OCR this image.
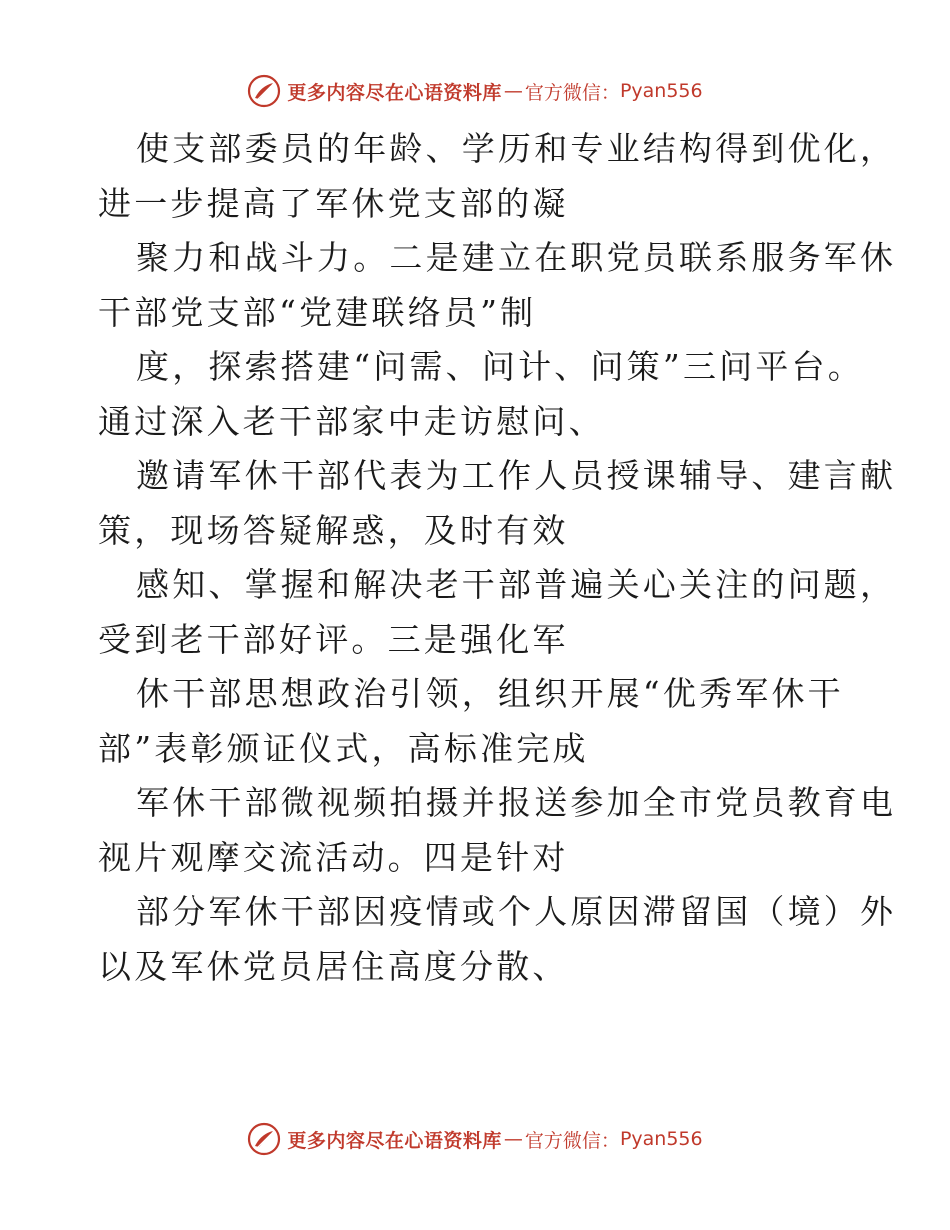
更多内容尽在心语资料库 — 官方微信： Pyan556
使支部委员的年龄、学历和专业结构得到优化，
进一步提高了军休党支部的凝
聚力和战斗力。二是建立在职党员联系服务军休
干部党支部“党建联络员”制
度，探索搭建“问需、问计、问策”三问平台。
通过深入老干部家中走访慰问、
邀请军休干部代表为工作人员授课辅导、建言献
策，现场答疑解惑，及时有效
感知、掌握和解决老干部普遍关心关注的问题，
受到老干部好评。三是强化军
休干部思想政治引领，组织开展“优秀军休干
部”表彰颁证仪式，高标准完成
军休干部微视频拍摄并报送参加全市党员教育电
视片观摩交流活动。四是针对
部分军休干部因疫情或个人原因滞留国（境）外
以及军休党员居住高度分散、
更多内容尽在心语资料库 — 官方微信： Pyan556
